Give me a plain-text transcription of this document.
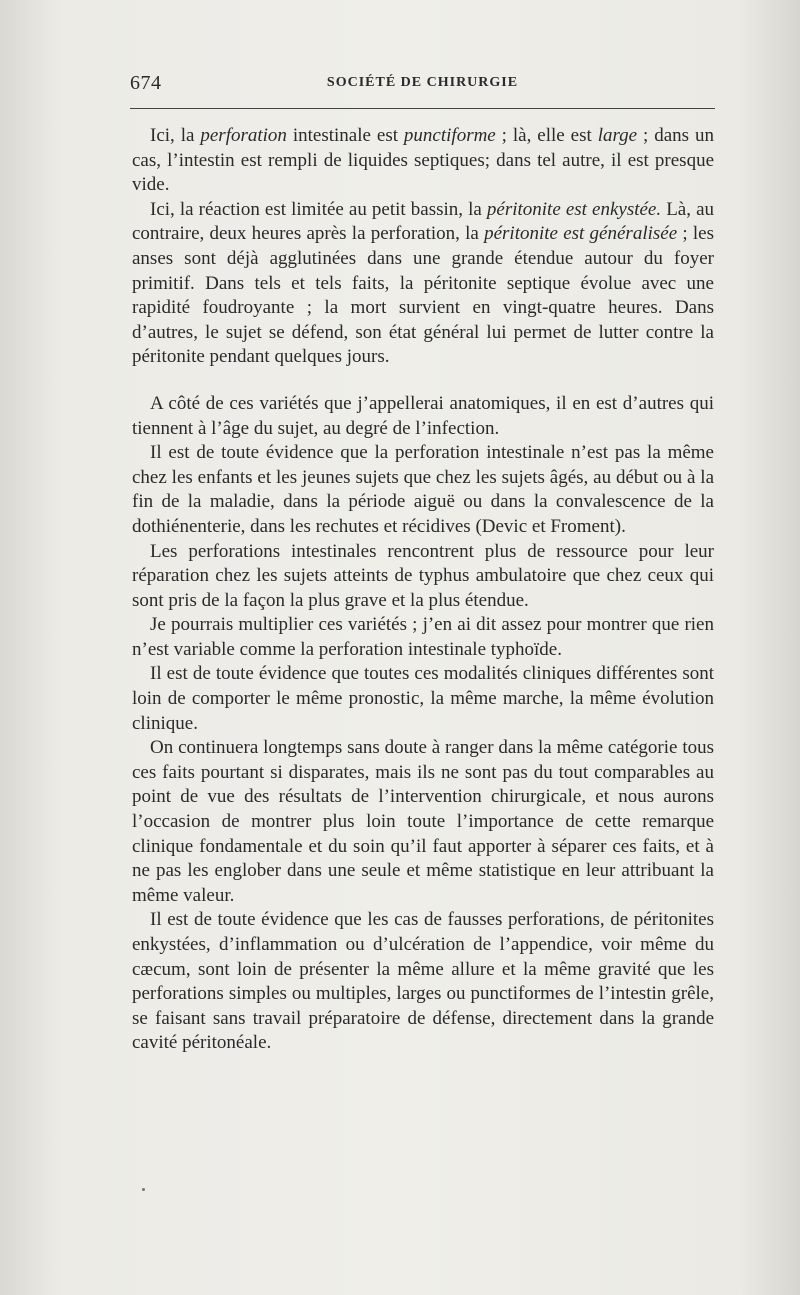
674	SOCIÉTÉ DE CHIRURGIE

Ici, la perforation intestinale est punctiforme ; là, elle est large ; dans un cas, l’intestin est rempli de liquides septiques; dans tel autre, il est presque vide.

Ici, la réaction est limitée au petit bassin, la péritonite est enkystée. Là, au contraire, deux heures après la perforation, la péritonite est généralisée ; les anses sont déjà agglutinées dans une grande étendue autour du foyer primitif. Dans tels et tels faits, la péritonite septique évolue avec une rapidité foudroyante ; la mort survient en vingt-quatre heures. Dans d’autres, le sujet se défend, son état général lui permet de lutter contre la péritonite pendant quelques jours.

A côté de ces variétés que j’appellerai anatomiques, il en est d’autres qui tiennent à l’âge du sujet, au degré de l’infection.

Il est de toute évidence que la perforation intestinale n’est pas la même chez les enfants et les jeunes sujets que chez les sujets âgés, au début ou à la fin de la maladie, dans la période aiguë ou dans la convalescence de la dothiénenterie, dans les rechutes et récidives (Devic et Froment).

Les perforations intestinales rencontrent plus de ressource pour leur réparation chez les sujets atteints de typhus ambulatoire que chez ceux qui sont pris de la façon la plus grave et la plus étendue.

Je pourrais multiplier ces variétés ; j’en ai dit assez pour montrer que rien n’est variable comme la perforation intestinale typhoïde.

Il est de toute évidence que toutes ces modalités cliniques différentes sont loin de comporter le même pronostic, la même marche, la même évolution clinique.

On continuera longtemps sans doute à ranger dans la même catégorie tous ces faits pourtant si disparates, mais ils ne sont pas du tout comparables au point de vue des résultats de l’intervention chirurgicale, et nous aurons l’occasion de montrer plus loin toute l’importance de cette remarque clinique fondamentale et du soin qu’il faut apporter à séparer ces faits, et à ne pas les englober dans une seule et même statistique en leur attribuant la même valeur.

Il est de toute évidence que les cas de fausses perforations, de péritonites enkystées, d’inflammation ou d’ulcération de l’appendice, voir même du cæcum, sont loin de présenter la même allure et la même gravité que les perforations simples ou multiples, larges ou punctiformes de l’intestin grêle, se faisant sans travail préparatoire de défense, directement dans la grande cavité péritonéale.
